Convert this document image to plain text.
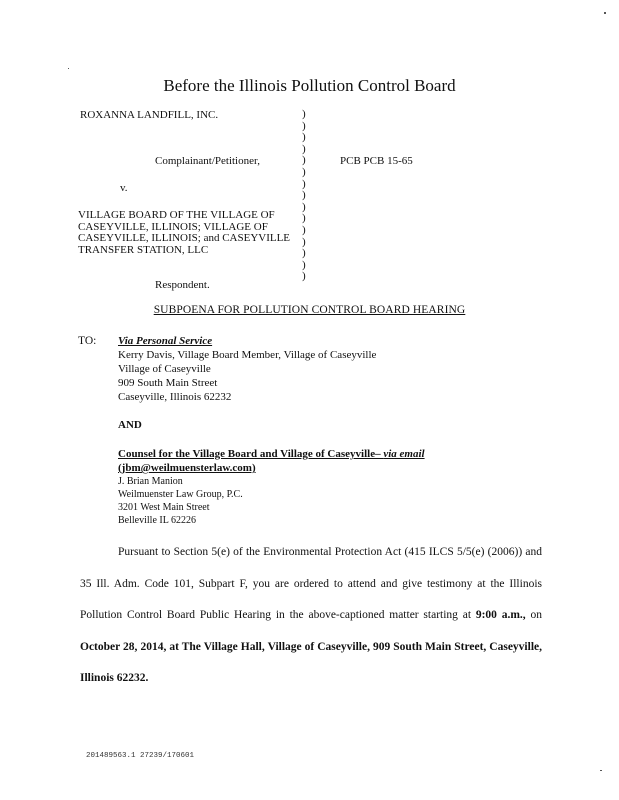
Before the Illinois Pollution Control Board
ROXANNA LANDFILL, INC.
Complainant/Petitioner,	PCB PCB 15-65
v.
VILLAGE BOARD OF THE VILLAGE OF
CASEYVILLE, ILLINOIS; VILLAGE OF
CASEYVILLE, ILLINOIS; and CASEYVILLE
TRANSFER STATION, LLC
Respondent.
)
)
)
)
)
)
)
)
)
)
)
)
)
)
)
SUBPOENA FOR POLLUTION CONTROL BOARD HEARING
TO: Via Personal Service
Kerry Davis, Village Board Member, Village of Caseyville
Village of Caseyville
909 South Main Street
Caseyville, Illinois 62232
AND
Counsel for the Village Board and Village of Caseyville– via email
(jbm@weilmuensterlaw.com)
J. Brian Manion
Weilmuenster Law Group, P.C.
3201 West Main Street
Belleville IL 62226
Pursuant to Section 5(e) of the Environmental Protection Act (415 ILCS 5/5(e) (2006)) and 35 Ill. Adm. Code 101, Subpart F, you are ordered to attend and give testimony at the Illinois Pollution Control Board Public Hearing in the above-captioned matter starting at 9:00 a.m., on October 28, 2014, at The Village Hall, Village of Caseyville, 909 South Main Street, Caseyville, Illinois 62232.
201489563.1 27239/170601
